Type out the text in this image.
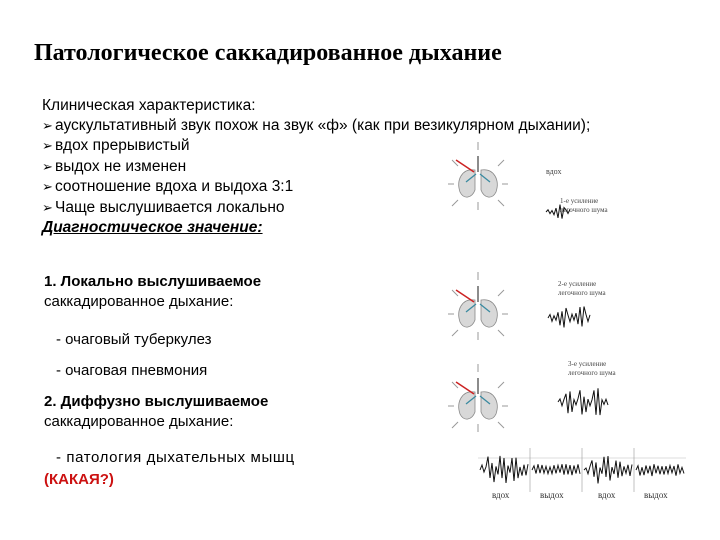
Патологическое саккадированное дыхание
Клиническая характеристика:
➢ аускультативный звук похож на звук «ф» (как при везикулярном дыхании);
➢ вдох прерывистый
➢ выдох не изменен
➢ соотношение вдоха и выдоха 3:1
➢ Чаще выслушивается локально
Диагностическое значение:
1. Локально выслушиваемое
саккадированное дыхание:
- очаговый туберкулез
- очаговая пневмония
2. Диффузно выслушиваемое
саккадированное дыхание:
- патология дыхательных мышц
(КАКАЯ?)
вдох
1-е усиление
легочного шума
2-е усиление
легочного шума
3-е усиление
легочного шума
вдох	выдох	вдох	выдох
